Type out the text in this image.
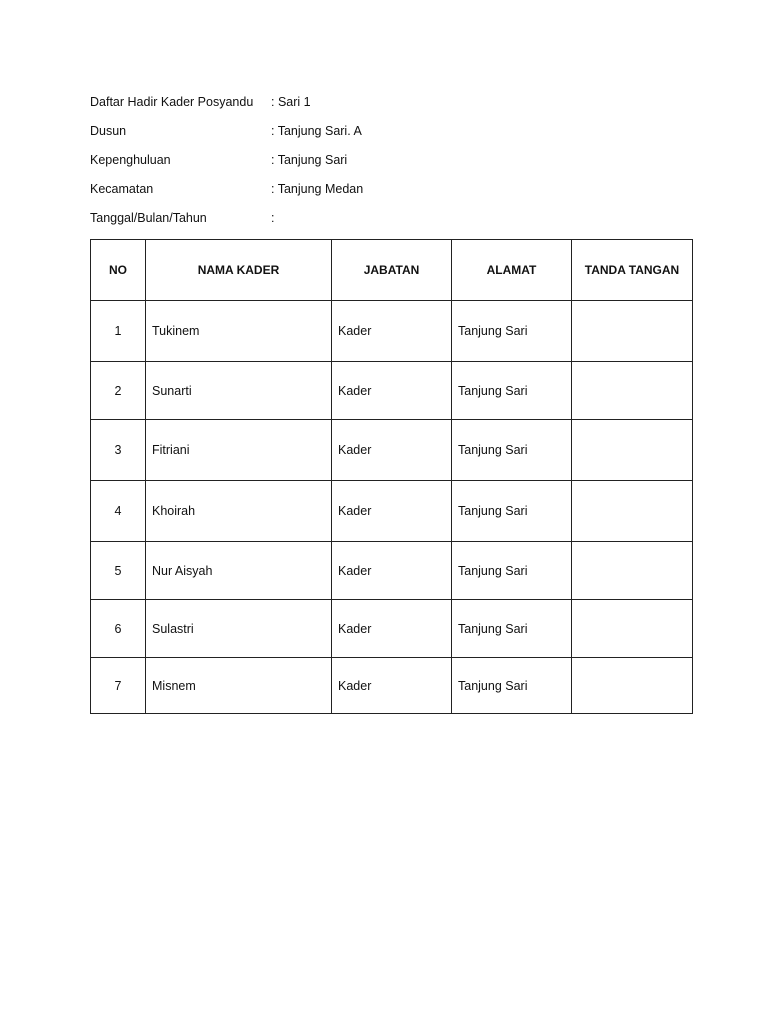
Daftar Hadir Kader Posyandu	: Sari 1
Dusun	: Tanjung Sari. A
Kepenghuluan	: Tanjung Sari
Kecamatan	: Tanjung Medan
Tanggal/Bulan/Tahun	:
NO	NAMA KADER	JABATAN	ALAMAT	TANDA TANGAN
1	Tukinem	Kader	Tanjung Sari	
2	Sunarti	Kader	Tanjung Sari	
3	Fitriani	Kader	Tanjung Sari	
4	Khoirah	Kader	Tanjung Sari	
5	Nur Aisyah	Kader	Tanjung Sari	
6	Sulastri	Kader	Tanjung Sari	
7	Misnem	Kader	Tanjung Sari	
